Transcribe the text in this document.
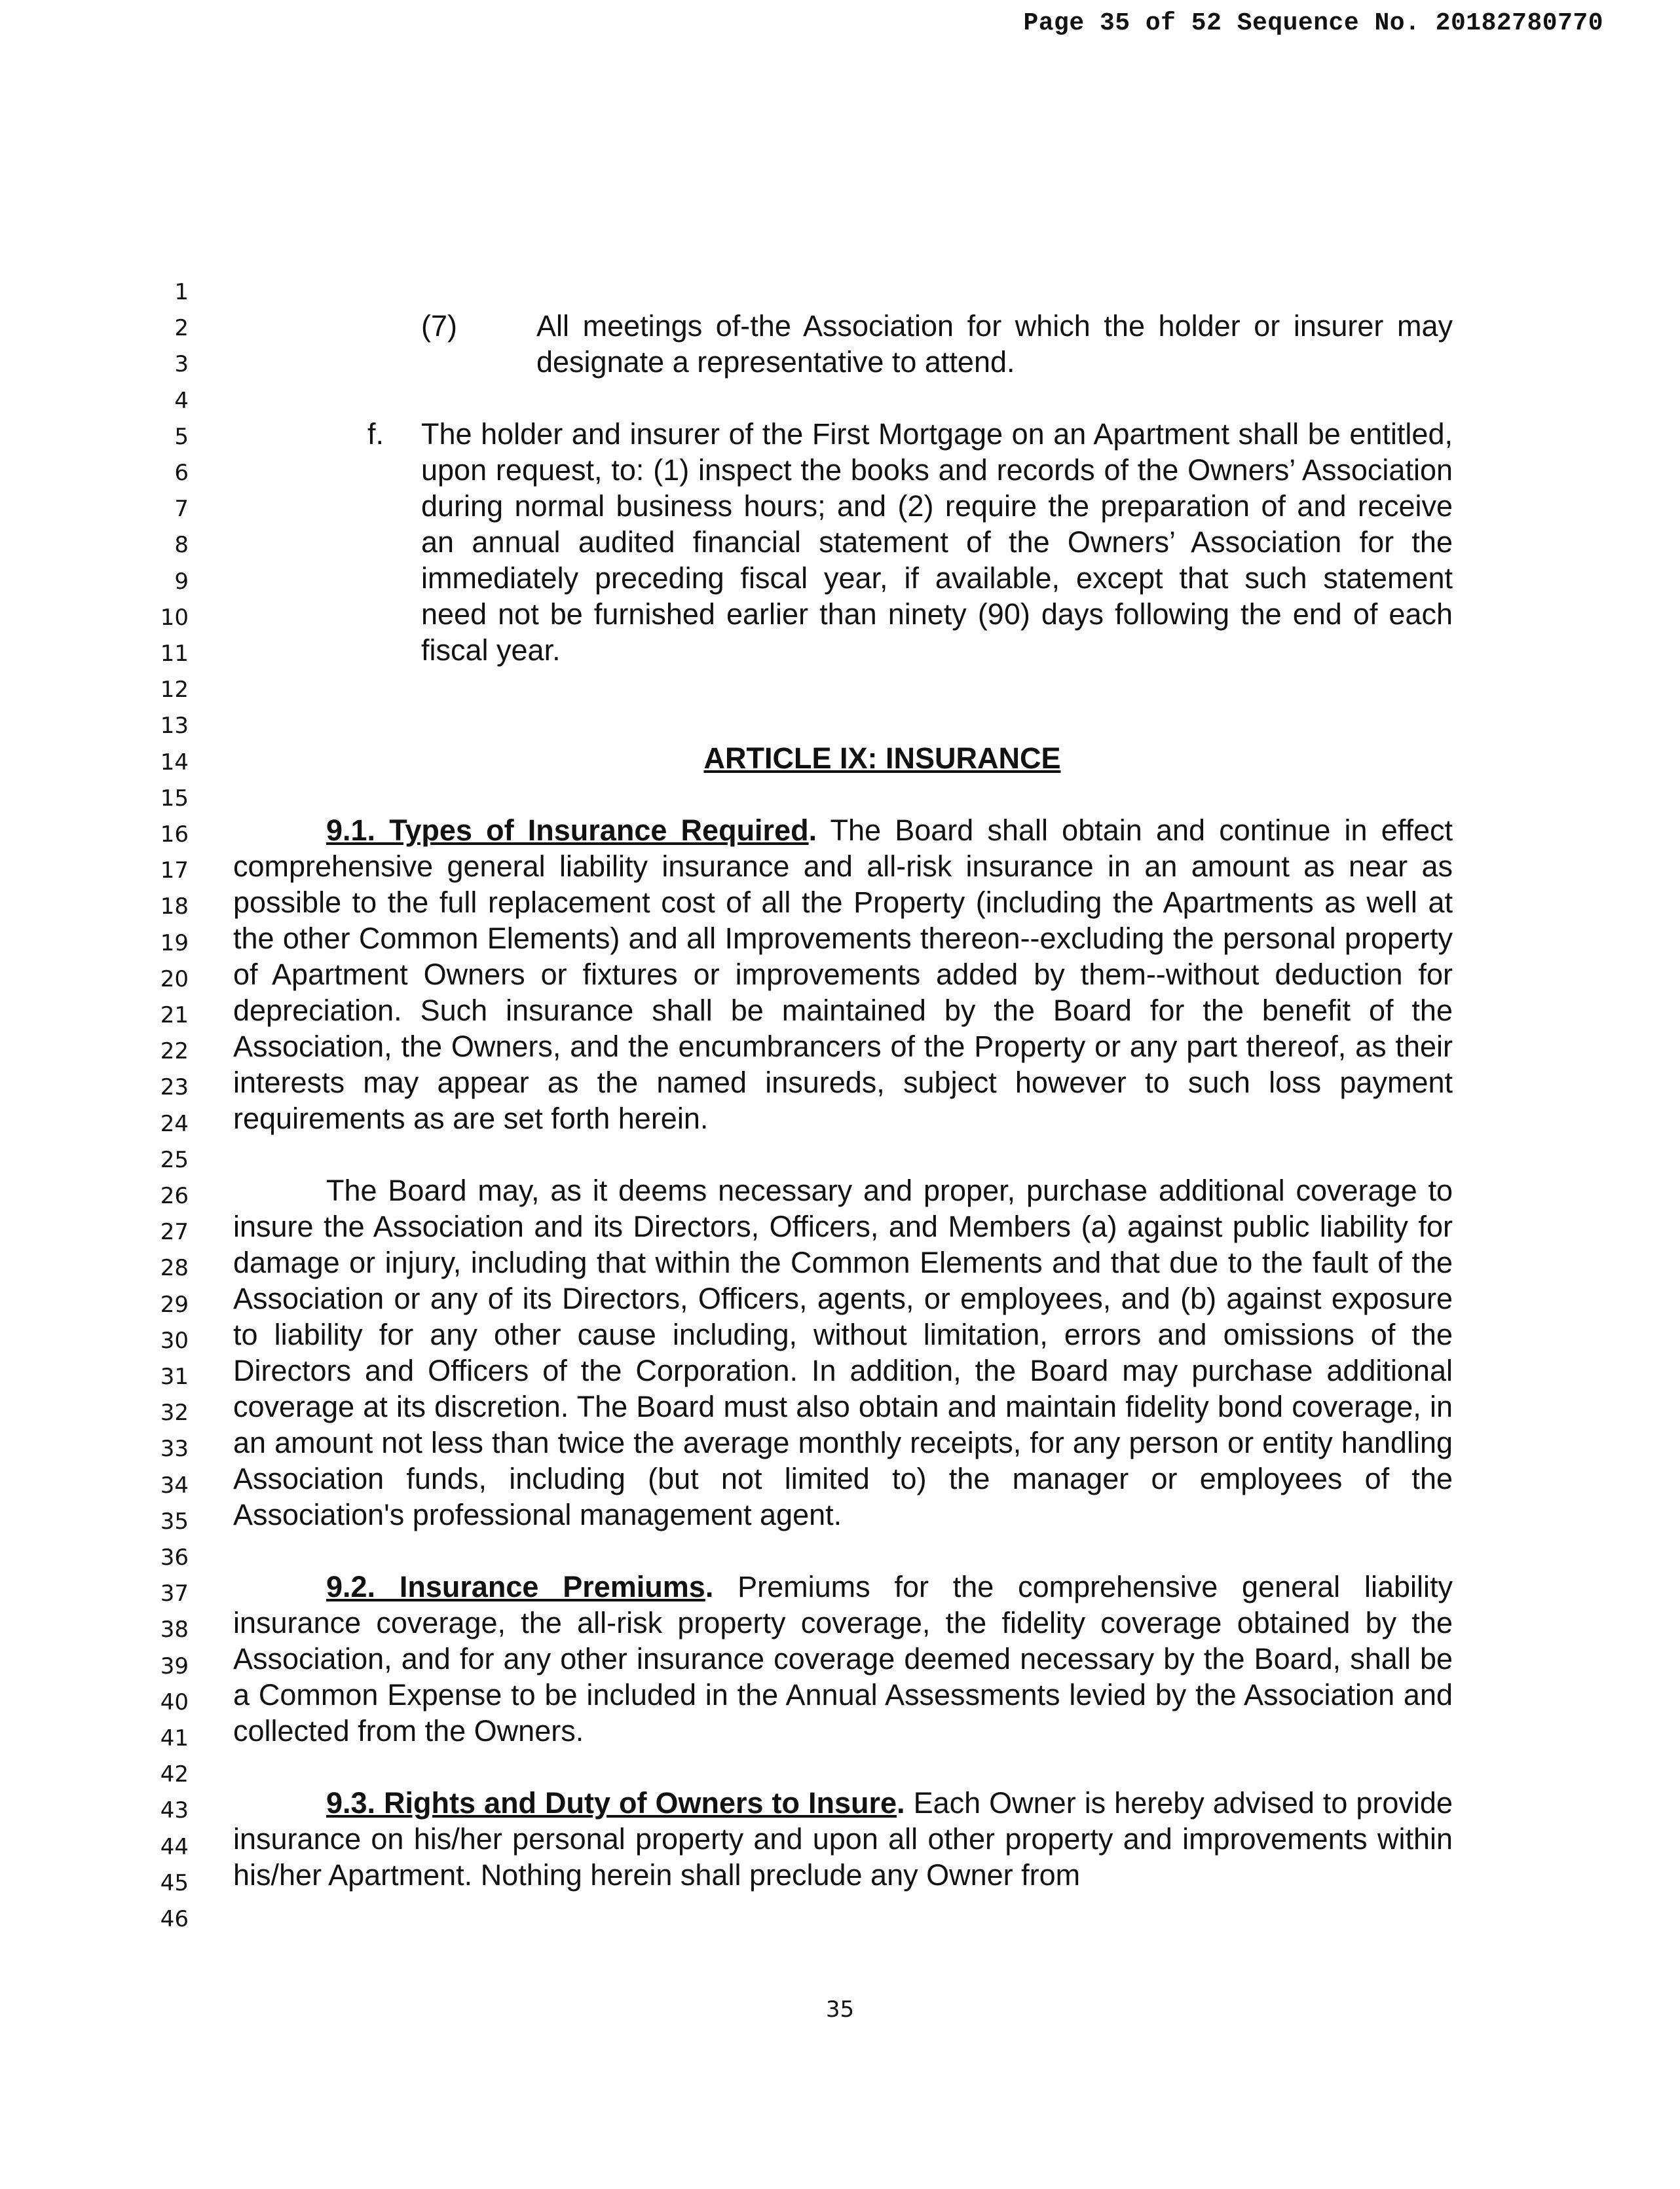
Page 35 of 52 Sequence No. 20182780770
1
2
3
4
5
6
7
8
9
10
11
12
13
14
15
16
17
18
19
20
21
22
23
24
25
26
27
28
29
30
31
32
33
34
35
36
37
38
39
40
41
42
43
44
45
46
(7)	All meetings of-the Association for which the holder or insurer may designate a representative to attend.

f. The holder and insurer of the First Mortgage on an Apartment shall be entitled, upon request, to: (1) inspect the books and records of the Owners’ Association during normal business hours; and (2) require the preparation of and receive an annual audited financial statement of the Owners’ Association for the immediately preceding fiscal year, if available, except that such statement need not be furnished earlier than ninety (90) days following the end of each fiscal year.

ARTICLE IX: INSURANCE

9.1. Types of Insurance Required. The Board shall obtain and continue in effect comprehensive general liability insurance and all-risk insurance in an amount as near as possible to the full replacement cost of all the Property (including the Apartments as well at the other Common Elements) and all Improvements thereon--excluding the personal property of Apartment Owners or fixtures or improvements added by them--without deduction for depreciation. Such insurance shall be maintained by the Board for the benefit of the Association, the Owners, and the encumbrancers of the Property or any part thereof, as their interests may appear as the named insureds, subject however to such loss payment requirements as are set forth herein.

The Board may, as it deems necessary and proper, purchase additional coverage to insure the Association and its Directors, Officers, and Members (a) against public liability for damage or injury, including that within the Common Elements and that due to the fault of the Association or any of its Directors, Officers, agents, or employees, and (b) against exposure to liability for any other cause including, without limitation, errors and omissions of the Directors and Officers of the Corporation. In addition, the Board may purchase additional coverage at its discretion. The Board must also obtain and maintain fidelity bond coverage, in an amount not less than twice the average monthly receipts, for any person or entity handling Association funds, including (but not limited to) the manager or employees of the Association's professional management agent.

9.2. Insurance Premiums. Premiums for the comprehensive general liability insurance coverage, the all-risk property coverage, the fidelity coverage obtained by the Association, and for any other insurance coverage deemed necessary by the Board, shall be a Common Expense to be included in the Annual Assessments levied by the Association and collected from the Owners.

9.3. Rights and Duty of Owners to Insure. Each Owner is hereby advised to provide insurance on his/her personal property and upon all other property and improvements within his/her Apartment. Nothing herein shall preclude any Owner from

35
